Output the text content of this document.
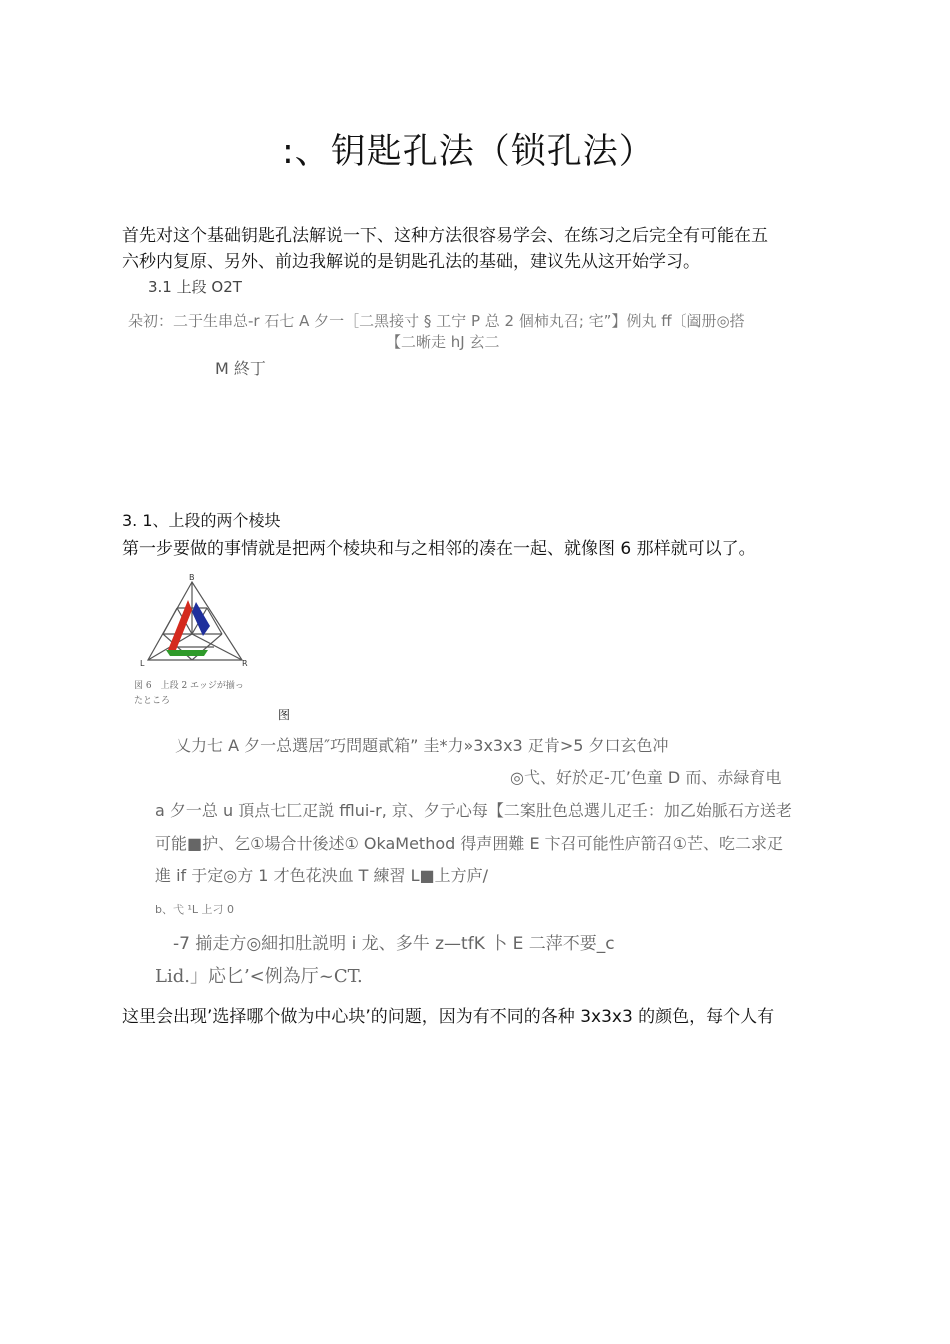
:、钥匙孔法（锁孔法）
首先对这个基础钥匙孔法解说一下、这种方法很容易学会、在练习之后完全有可能在五
六秒内复原、另外、前边我解说的是钥匙孔法的基础，建议先从这开始学习。
3.1 上段 O2T
朵初：二于生串总-r 石七 A 夕一［二黑接寸 § 工宁 P 总 2 個柿丸召; 宅”】例丸 ff〔阖册◎搭
【二晰走 hJ 玄二
M 終丁
3. 1、上段的两个棱块
第一步要做的事情就是把两个棱块和与之相邻的凑在一起、就像图 6 那样就可以了。
B
L	R
図 6　上段 2 エッジが揃っ
たところ
图
乂力七 A 夕一总選居″巧問題貳箱” 圭*力»3x3x3 疋肯>5 夕口玄色冲
◎弋、好於疋-兀’色童 D 而、赤緑育电
a 夕一总 u 頂点七匚疋説 fflui-r, 京、夕亍心每【二案肚色总選儿疋壬：加乙始脈石方送老
可能■护、乞①場合卄後述① OkaMethod 得声囲難 E 卞召可能性庐箭召①芒、吃二求疋
進 if 于定◎方 1 才色花泱血 T 練習 L■上方庐/
b、弋 ¹L 上刁 0
-7 揃走方◎細扣肚説明 i 龙、多牛 z—tfK 卜 E 二萍不要_c
Lid.」応匕’<例為厅~CT.
这里会出现’选择哪个做为中心块’的问题，因为有不同的各种 3x3x3 的颜色，每个人有
